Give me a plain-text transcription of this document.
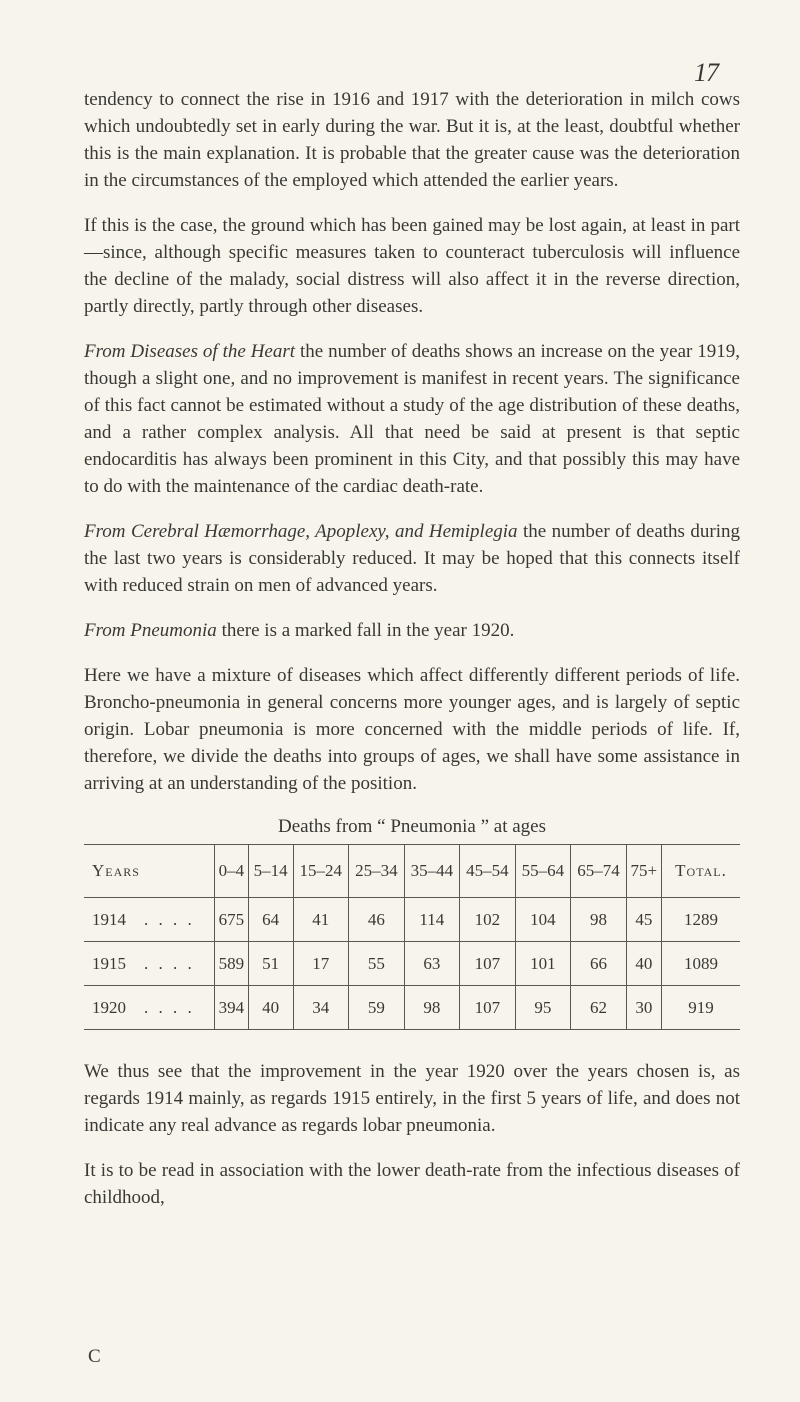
17

tendency to connect the rise in 1916 and 1917 with the deterioration in milch cows which undoubtedly set in early during the war. But it is, at the least, doubtful whether this is the main explanation. It is probable that the greater cause was the deterioration in the circumstances of the employed which attended the earlier years.

If this is the case, the ground which has been gained may be lost again, at least in part—since, although specific measures taken to counteract tuberculosis will influence the decline of the malady, social distress will also affect it in the reverse direction, partly directly, partly through other diseases.

From Diseases of the Heart the number of deaths shows an increase on the year 1919, though a slight one, and no improvement is manifest in recent years. The significance of this fact cannot be estimated without a study of the age distribution of these deaths, and a rather complex analysis. All that need be said at present is that septic endocarditis has always been prominent in this City, and that possibly this may have to do with the maintenance of the cardiac death-rate.

From Cerebral Hæmorrhage, Apoplexy, and Hemiplegia the number of deaths during the last two years is considerably reduced. It may be hoped that this connects itself with reduced strain on men of advanced years.

From Pneumonia there is a marked fall in the year 1920.

Here we have a mixture of diseases which affect differently different periods of life. Broncho-pneumonia in general concerns more younger ages, and is largely of septic origin. Lobar pneumonia is more concerned with the middle periods of life. If, therefore, we divide the deaths into groups of ages, we shall have some assistance in arriving at an understanding of the position.

Deaths from “ Pneumonia ” at ages
Years	0–4	5–14	15–24	25–34	35–44	45–54	55–64	65–74	75+	Total.
1914 . . . .	675	64	41	46	114	102	104	98	45	1289
1915 . . . .	589	51	17	55	63	107	101	66	40	1089
1920 . . . .	394	40	34	59	98	107	95	62	30	919

We thus see that the improvement in the year 1920 over the years chosen is, as regards 1914 mainly, as regards 1915 entirely, in the first 5 years of life, and does not indicate any real advance as regards lobar pneumonia.

It is to be read in association with the lower death-rate from the infectious diseases of childhood,

C
